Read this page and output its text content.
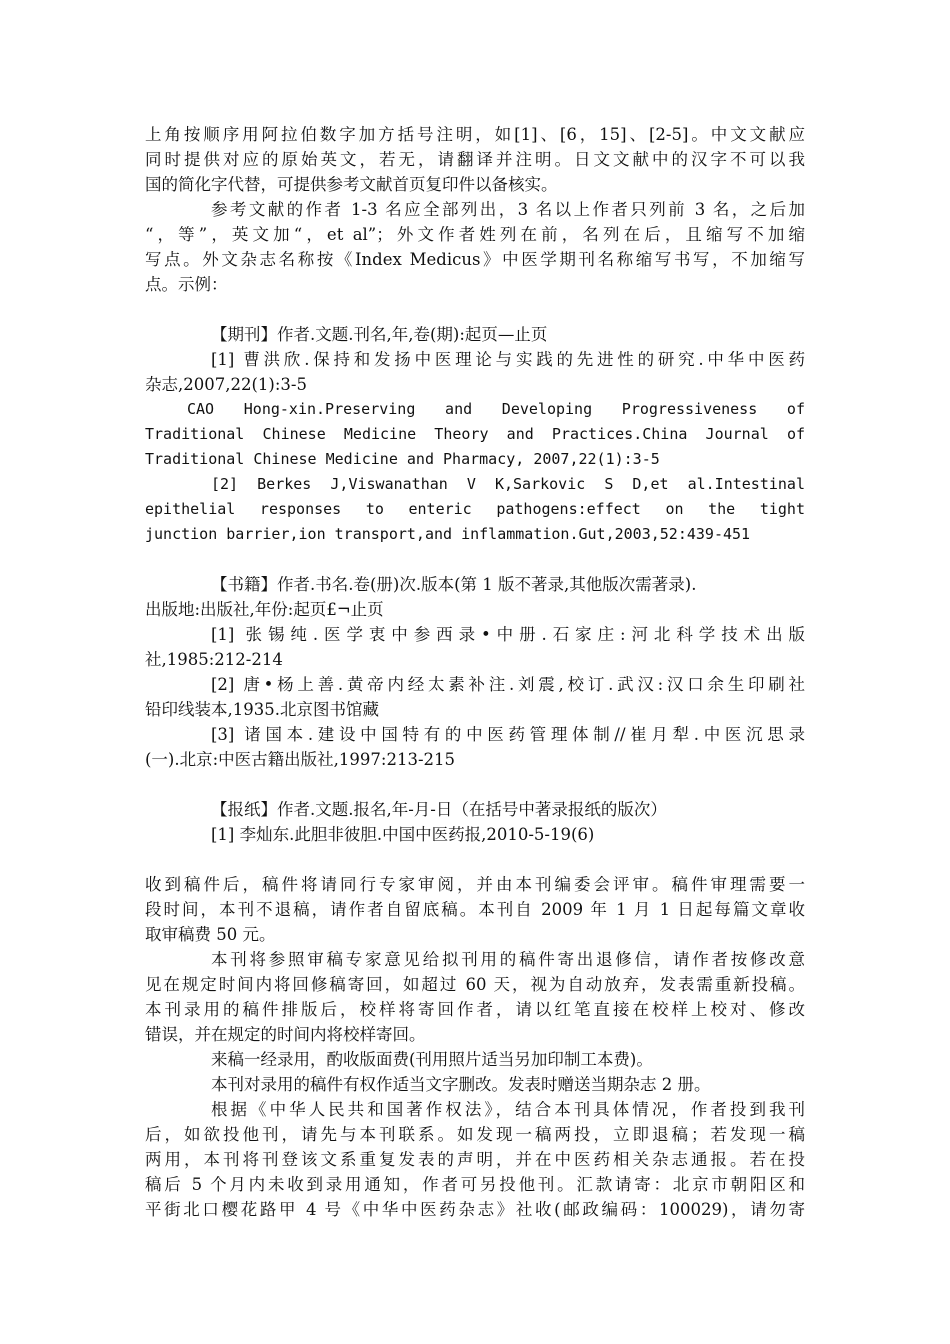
上角按顺序用阿拉伯数字加方括号注明，如[1]、[6，15]、[2-5]。中文文献应
同时提供对应的原始英文，若无，请翻译并注明。日文文献中的汉字不可以我
国的简化字代替，可提供参考文献首页复印件以备核实。
参考文献的作者 1-3 名应全部列出，3 名以上作者只列前 3 名，之后加
“，等”，英文加“，et al”；外文作者姓列在前，名列在后，且缩写不加缩
写点。外文杂志名称按《Index Medicus》中医学期刊名称缩写书写，不加缩写
点。示例：
【期刊】作者.文题.刊名,年,卷(期):起页—止页
[1] 曹洪欣.保持和发扬中医理论与实践的先进性的研究.中华中医药
杂志,2007,22(1):3-5
CAO Hong-xin.Preserving and Developing Progressiveness of
Traditional Chinese Medicine Theory and Practices.China Journal of
Traditional Chinese Medicine and Pharmacy, 2007,22(1):3-5
[2] Berkes J,Viswanathan V K,Sarkovic S D,et al.Intestinal
epithelial responses to enteric pathogens:effect on the tight
junction barrier,ion transport,and inflammation.Gut,2003,52:439-451
【书籍】作者.书名.卷(册)次.版本(第 1 版不著录,其他版次需著录).
出版地:出版社,年份:起页£¬止页
[1] 张锡纯.医学衷中参西录•中册.石家庄:河北科学技术出版
社,1985:212-214
[2] 唐•杨上善.黄帝内经太素补注.刘震,校订.武汉:汉口余生印刷社
铅印线装本,1935.北京图书馆藏
[3] 诸国本.建设中国特有的中医药管理体制//崔月犁.中医沉思录
(一).北京:中医古籍出版社,1997:213-215
【报纸】作者.文题.报名,年-月-日（在括号中著录报纸的版次）
[1] 李灿东.此胆非彼胆.中国中医药报,2010-5-19(6)
收到稿件后，稿件将请同行专家审阅，并由本刊编委会评审。稿件审理需要一
段时间，本刊不退稿，请作者自留底稿。本刊自 2009 年 1 月 1 日起每篇文章收
取审稿费 50 元。
本刊将参照审稿专家意见给拟刊用的稿件寄出退修信，请作者按修改意
见在规定时间内将回修稿寄回，如超过 60 天，视为自动放弃，发表需重新投稿。
本刊录用的稿件排版后，校样将寄回作者，请以红笔直接在校样上校对、修改
错误，并在规定的时间内将校样寄回。
来稿一经录用，酌收版面费(刊用照片适当另加印制工本费)。
本刊对录用的稿件有权作适当文字删改。发表时赠送当期杂志 2 册。
根据《中华人民共和国著作权法》，结合本刊具体情况，作者投到我刊
后，如欲投他刊，请先与本刊联系。如发现一稿两投，立即退稿；若发现一稿
两用，本刊将刊登该文系重复发表的声明，并在中医药相关杂志通报。若在投
稿后 5 个月内未收到录用通知，作者可另投他刊。汇款请寄：北京市朝阳区和
平街北口樱花路甲 4 号《中华中医药杂志》社收(邮政编码：100029)，请勿寄
